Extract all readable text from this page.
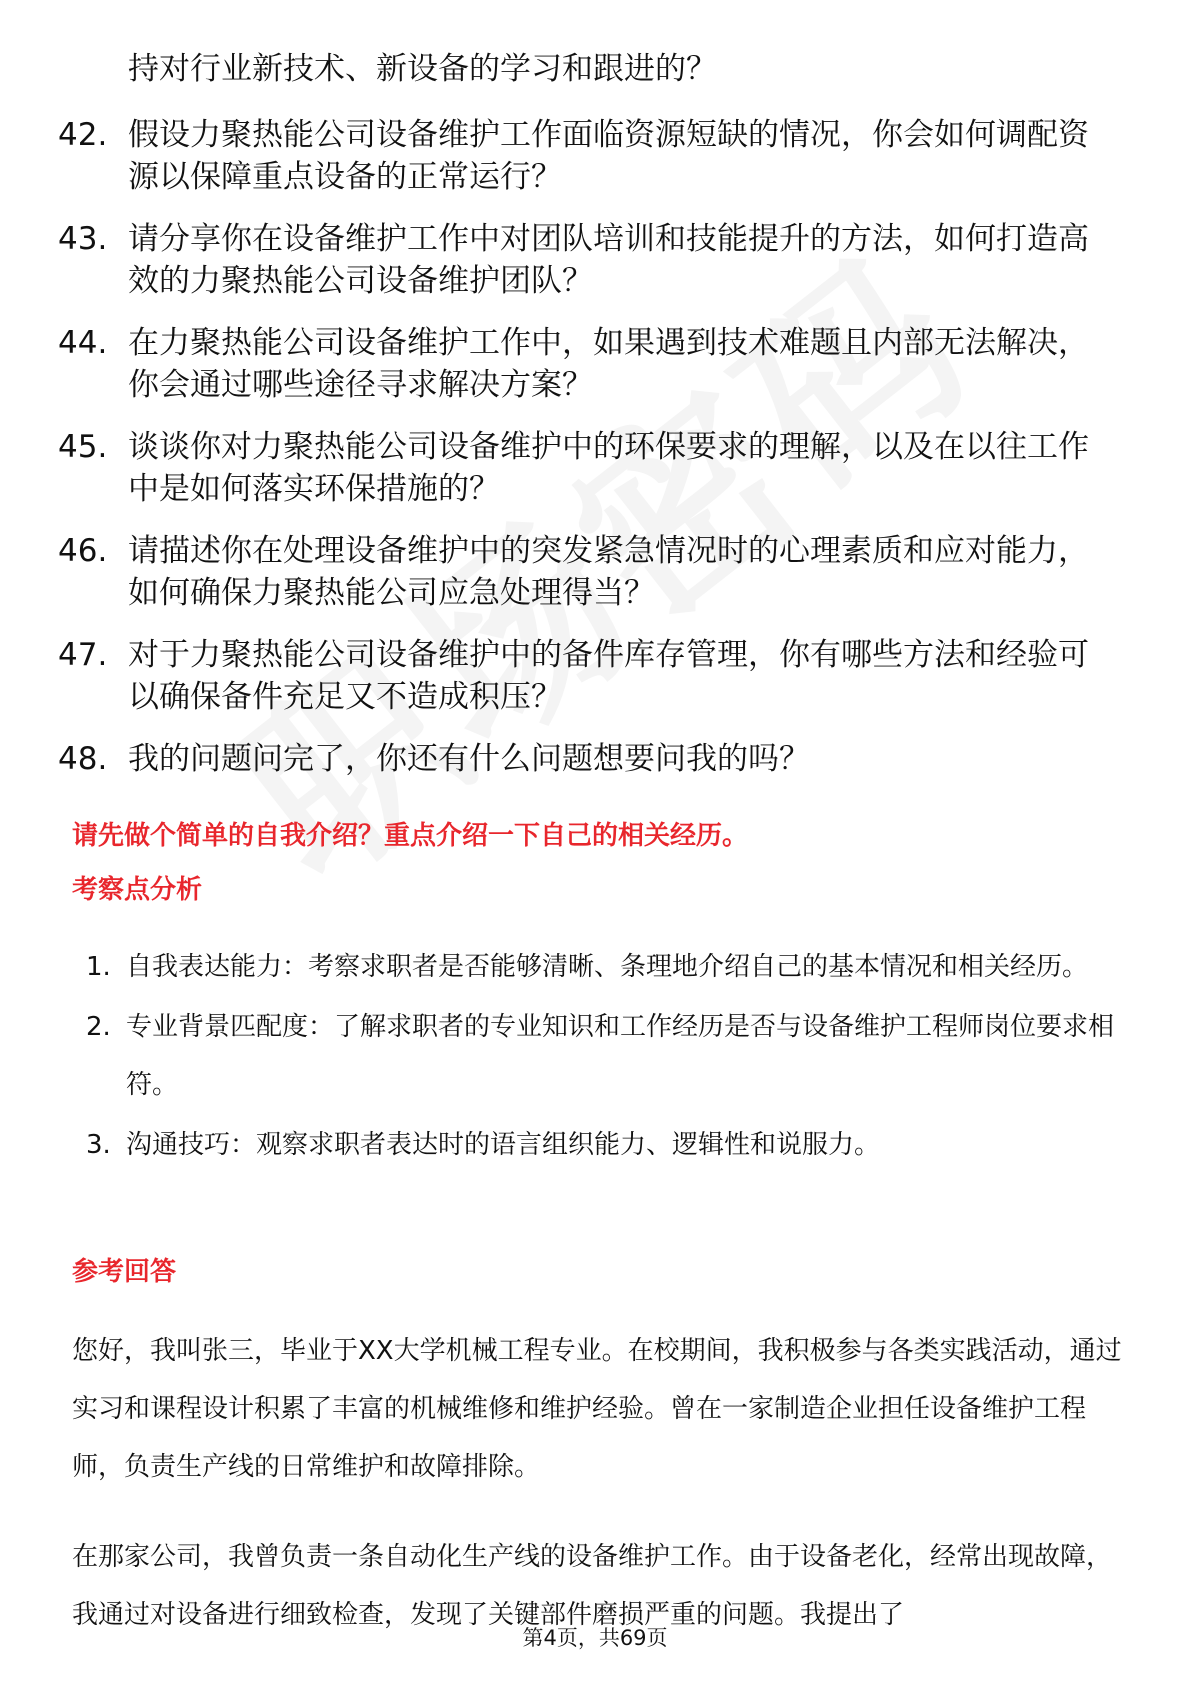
持对行业新技术、新设备的学习和跟进的？
42. 假设力聚热能公司设备维护工作面临资源短缺的情况，你会如何调配资源以保障重点设备的正常运行？
43. 请分享你在设备维护工作中对团队培训和技能提升的方法，如何打造高效的力聚热能公司设备维护团队？
44. 在力聚热能公司设备维护工作中，如果遇到技术难题且内部无法解决，你会通过哪些途径寻求解决方案？
45. 谈谈你对力聚热能公司设备维护中的环保要求的理解，以及在以往工作中是如何落实环保措施的？
46. 请描述你在处理设备维护中的突发紧急情况时的心理素质和应对能力，如何确保力聚热能公司应急处理得当？
47. 对于力聚热能公司设备维护中的备件库存管理，你有哪些方法和经验可以确保备件充足又不造成积压？
48. 我的问题问完了，你还有什么问题想要问我的吗？
请先做个简单的自我介绍？重点介绍一下自己的相关经历。
考察点分析
1. 自我表达能力：考察求职者是否能够清晰、条理地介绍自己的基本情况和相关经历。
2. 专业背景匹配度：了解求职者的专业知识和工作经历是否与设备维护工程师岗位要求相符。
3. 沟通技巧：观察求职者表达时的语言组织能力、逻辑性和说服力。
参考回答

您好，我叫张三，毕业于XX大学机械工程专业。在校期间，我积极参与各类实践活动，通过实习和课程设计积累了丰富的机械维修和维护经验。曾在一家制造企业担任设备维护工程师，负责生产线的日常维护和故障排除。

在那家公司，我曾负责一条自动化生产线的设备维护工作。由于设备老化，经常出现故障，我通过对设备进行细致检查，发现了关键部件磨损严重的问题。我提出了

第4页，共69页
